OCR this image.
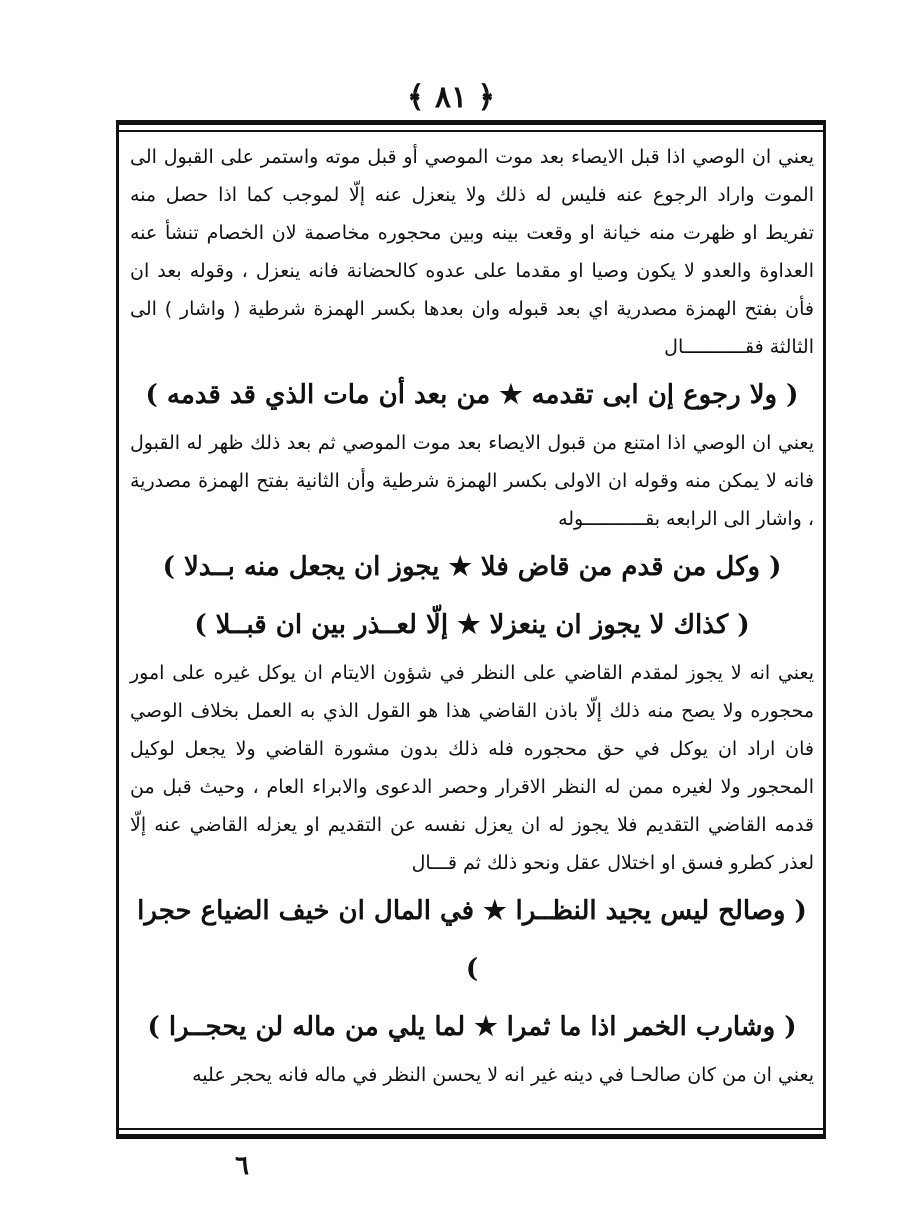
﴿ ٨١ ﴾

يعني ان الوصي اذا قبل الايصاء بعد موت الموصي أو قبل موته واستمر على القبول الى الموت واراد الرجوع عنه فليس له ذلك ولا ينعزل عنه إلّا لموجب كما اذا حصل منه تفريط او ظهرت منه خيانة او وقعت بينه وبين محجوره مخاصمة لان الخصام تنشأ عنه العداوة والعدو لا يكون وصيا او مقدما على عدوه كالحضانة فانه ينعزل ، وقوله بعد ان فأن بفتح الهمزة مصدرية اي بعد قبوله وان بعدها بكسر الهمزة شرطية ( واشار ) الى الثالثة فقـــــــــــال

( ولا رجوع إن ابى تقدمه ★ من بعد أن مات الذي قد قدمه )

يعني ان الوصي اذا امتنع من قبول الايصاء بعد موت الموصي ثم بعد ذلك ظهر له القبول فانه لا يمكن منه وقوله ان الاولى بكسر الهمزة شرطية وأن الثانية بفتح الهمزة مصدرية ، واشار الى الرابعه بقـــــــــــوله

( وكل من قدم من قاض فلا ★ يجوز ان يجعل منه بــدلا )

( كذاك لا يجوز ان ينعزلا ★ إلّا لعــذر بين ان قبــلا )

يعني انه لا يجوز لمقدم القاضي على النظر في شؤون الايتام ان يوكل غيره على امور محجوره ولا يصح منه ذلك إلّا باذن القاضي هذا هو القول الذي به العمل بخلاف الوصي فان اراد ان يوكل في حق محجوره فله ذلك بدون مشورة القاضي ولا يجعل لوكيل المحجور ولا لغيره ممن له النظر الاقرار وحصر الدعوى والابراء العام ، وحيث قبل من قدمه القاضي التقديم فلا يجوز له ان يعزل نفسه عن التقديم او يعزله القاضي عنه إلّا لعذر كطرو فسق او اختلال عقل ونحو ذلك ثم قـــال

( وصالح ليس يجيد النظــرا ★ في المال ان خيف الضياع حجرا )

( وشارب الخمر اذا ما ثمرا ★ لما يلي من ماله لن يحجــرا )

يعني ان من كان صالحـا في دينه غير انه لا يحسن النظر في ماله فانه يحجر عليه

٦
